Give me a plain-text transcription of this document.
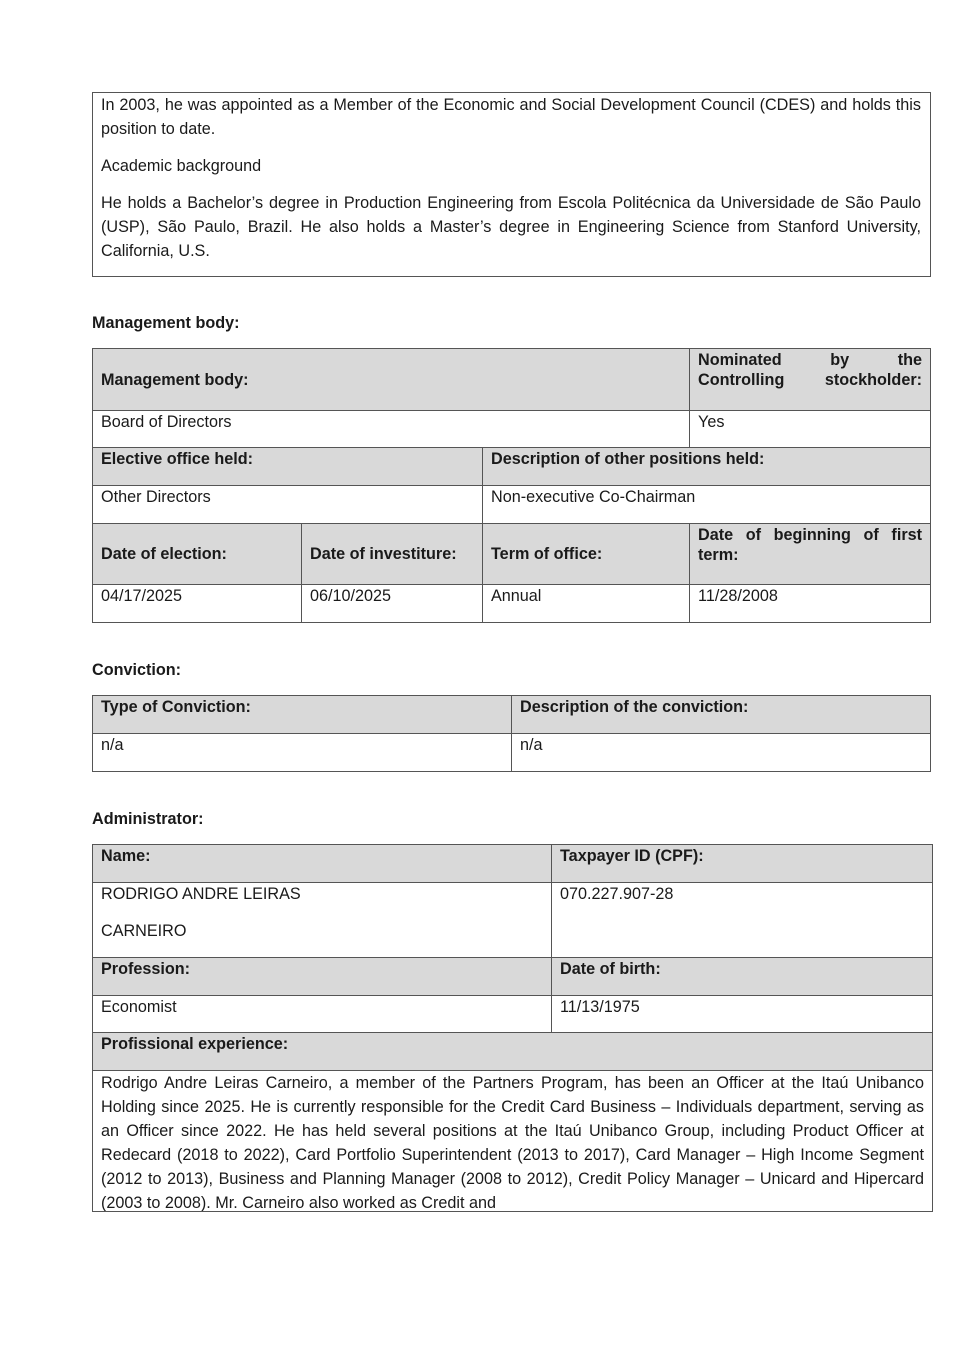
In 2003, he was appointed as a Member of the Economic and Social Development Council (CDES) and holds this position to date.

Academic background

He holds a Bachelor’s degree in Production Engineering from Escola Politécnica da Universidade de São Paulo (USP), São Paulo, Brazil. He also holds a Master’s degree in Engineering Science from Stanford University, California, U.S.

Management body:
Management body:			Nominated by the Controlling stockholder:
Board of Directors			Yes
Elective office held:		Description of other positions held:	
Other Directors		Non-executive Co-Chairman	
Date of election:	Date of investiture:	Term of office:	Date of beginning of first term:
04/17/2025	06/10/2025	Annual	11/28/2008
Conviction:
Type of Conviction:	Description of the conviction:
n/a	n/a
Administrator:
Name:	Taxpayer ID (CPF):

RODRIGO ANDRE LEIRAS
CARNEIRO	070.227.907-28
Profession:	Date of birth:
Economist	11/13/1975
Profissional experience:	

Rodrigo Andre Leiras Carneiro, a member of the Partners Program, has been an Officer at the Itaú Unibanco Holding since 2025. He is currently responsible for the Credit Card Business – Individuals department, serving as an Officer since 2022. He has held several positions at the Itaú Unibanco Group, including Product Officer at Redecard (2018 to 2022), Card Portfolio Superintendent (2013 to 2017), Card Manager – High Income Segment (2012 to 2013), Business and Planning Manager (2008 to 2012), Credit Policy Manager – Unicard and Hipercard (2003 to 2008). Mr. Carneiro also worked as Credit and	
